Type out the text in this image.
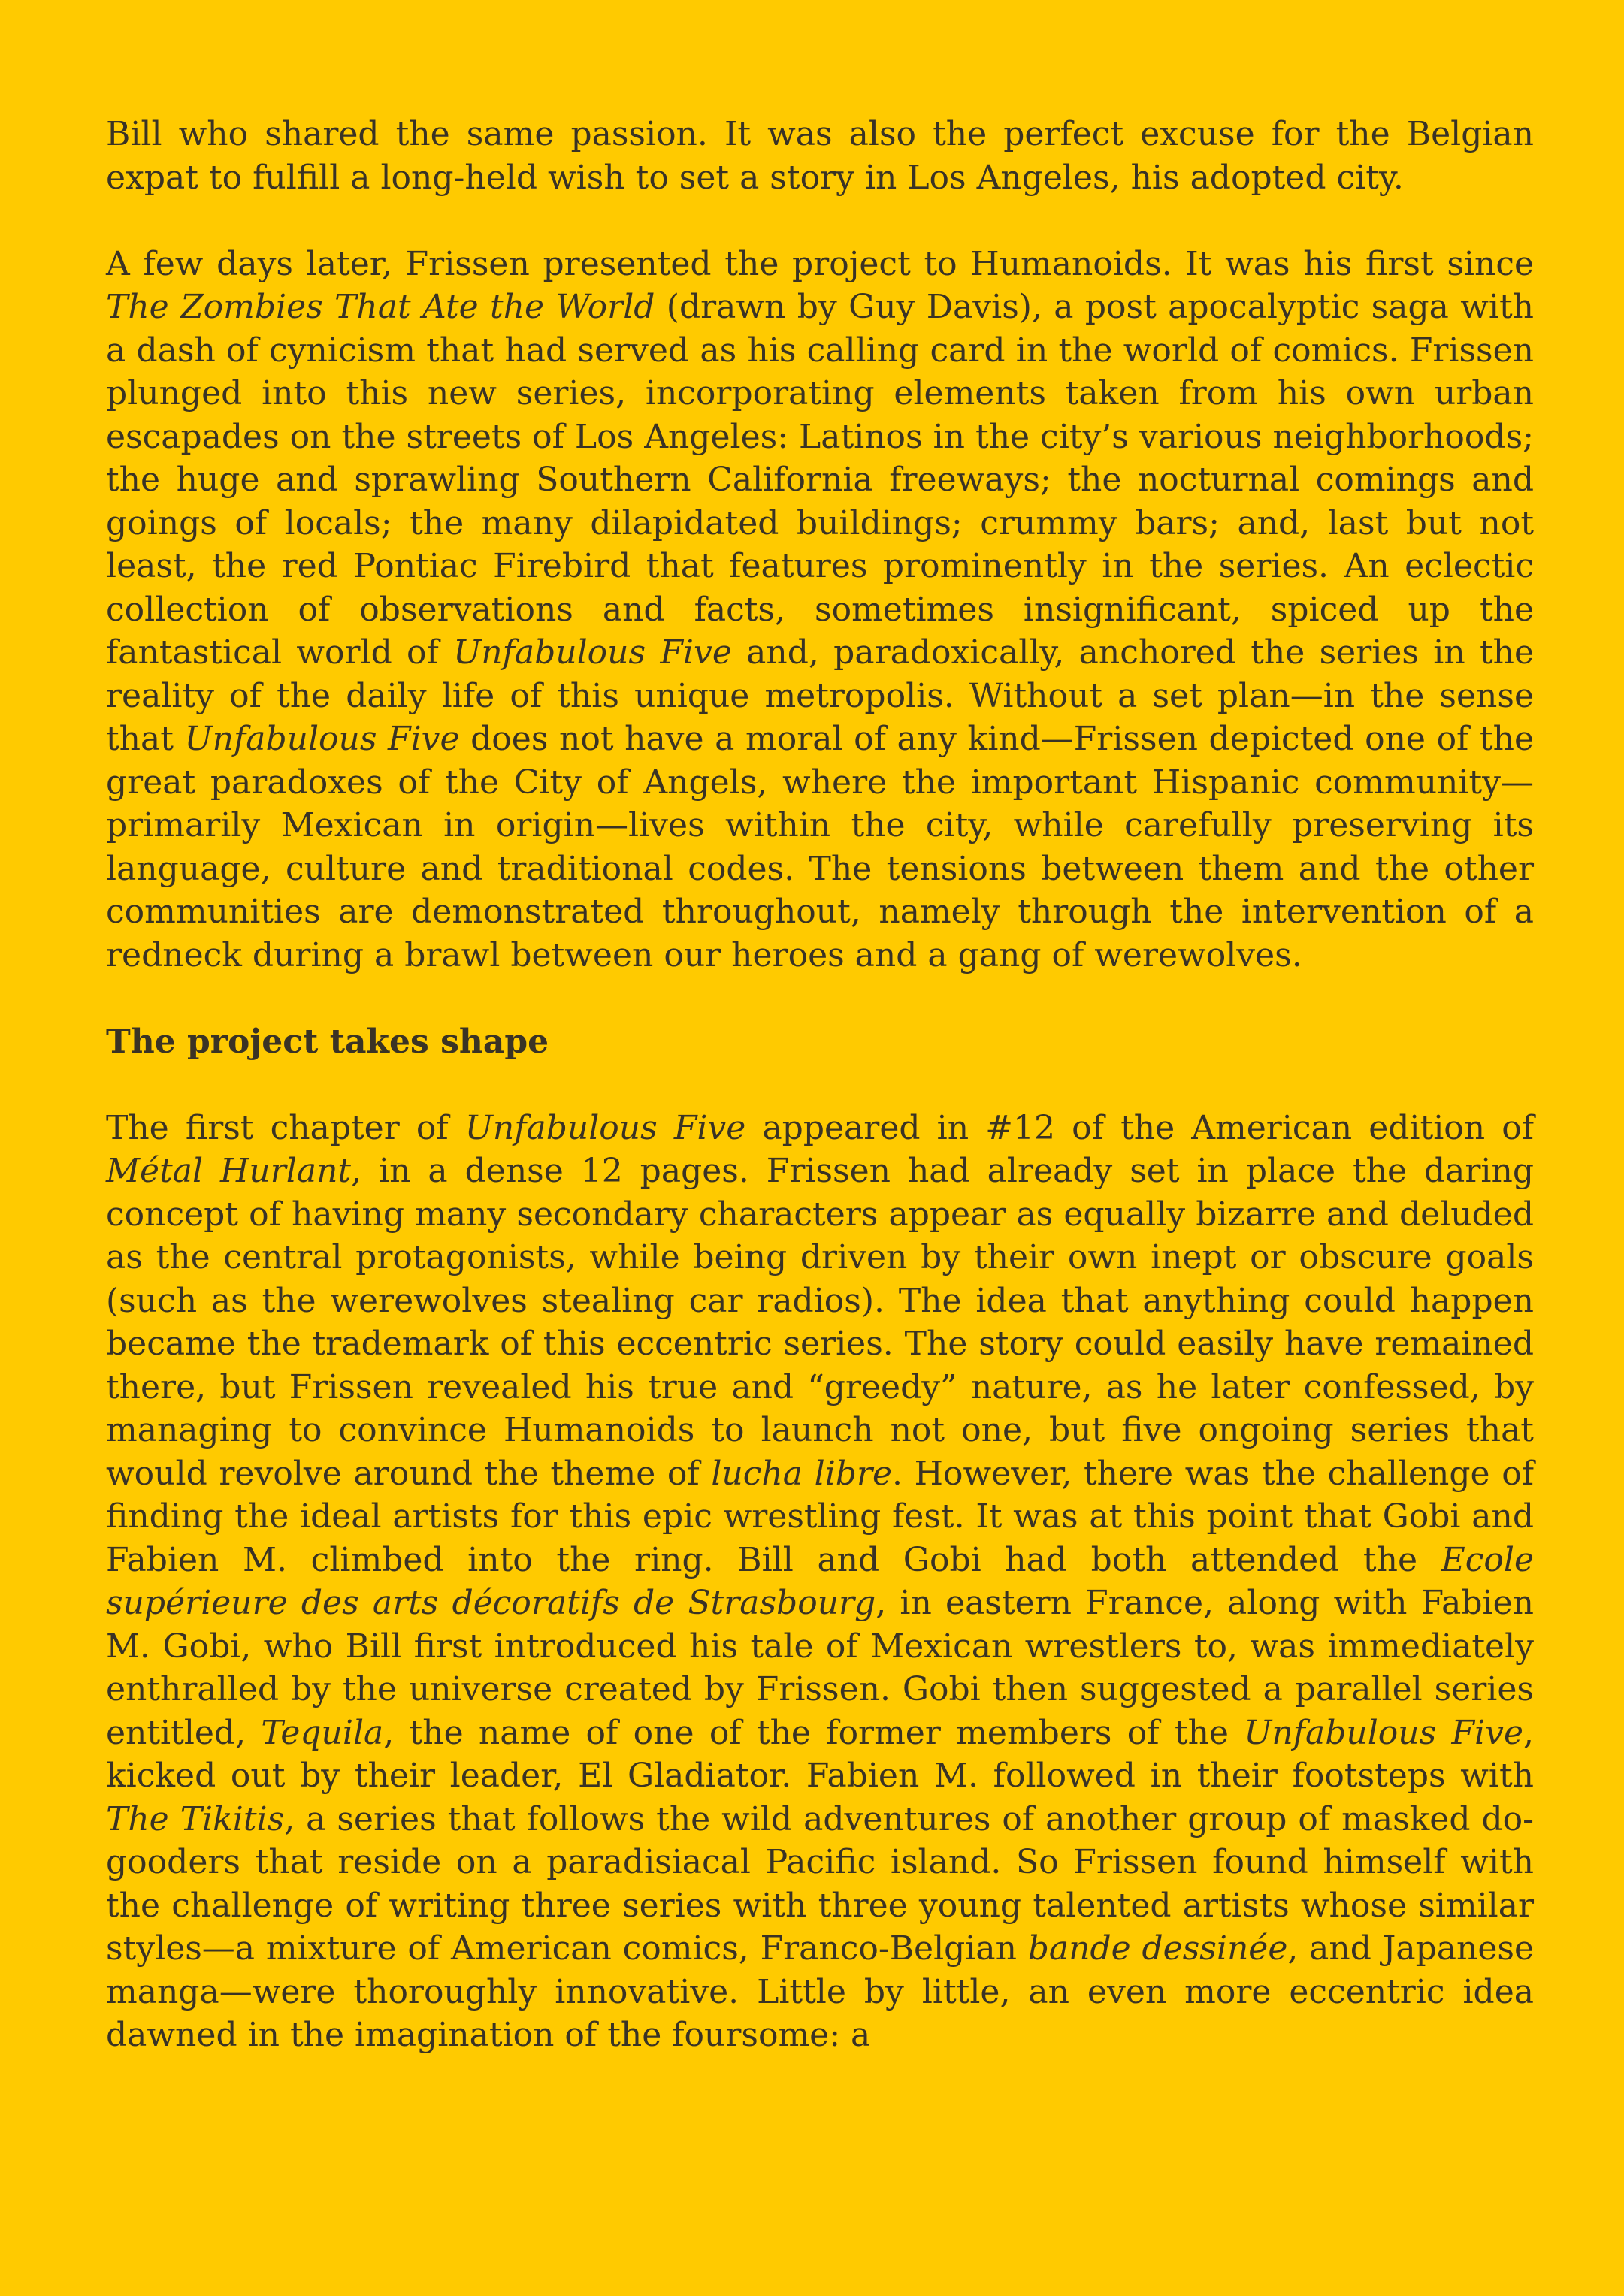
Bill who shared the same passion. It was also the perfect excuse for the Belgian expat to fulfill a long-held wish to set a story in Los Angeles, his adopted city.

A few days later, Frissen presented the project to Humanoids. It was his first since The Zombies That Ate the World (drawn by Guy Davis), a post apocalyptic saga with a dash of cynicism that had served as his calling card in the world of comics. Frissen plunged into this new series, incorporating elements taken from his own urban escapades on the streets of Los Angeles: Latinos in the city’s various neighborhoods; the huge and sprawling Southern California freeways; the nocturnal comings and goings of locals; the many dilapidated buildings; crummy bars; and, last but not least, the red Pontiac Firebird that features prominently in the series. An eclectic collection of observations and facts, sometimes insignificant, spiced up the fantastical world of Unfabulous Five and, paradoxically, anchored the series in the reality of the daily life of this unique metropolis. Without a set plan—in the sense that Unfabulous Five does not have a moral of any kind—Frissen depicted one of the great paradoxes of the City of Angels, where the important Hispanic community—primarily Mexican in origin—lives within the city, while carefully preserving its language, culture and traditional codes. The tensions between them and the other communities are demonstrated throughout, namely through the intervention of a redneck during a brawl between our heroes and a gang of werewolves.

The project takes shape

The first chapter of Unfabulous Five appeared in #12 of the American edition of Métal Hurlant, in a dense 12 pages. Frissen had already set in place the daring concept of having many secondary characters appear as equally bizarre and deluded as the central protagonists, while being driven by their own inept or obscure goals (such as the werewolves stealing car radios). The idea that anything could happen became the trademark of this eccentric series. The story could easily have remained there, but Frissen revealed his true and “greedy” nature, as he later confessed, by managing to convince Humanoids to launch not one, but five ongoing series that would revolve around the theme of lucha libre. However, there was the challenge of finding the ideal artists for this epic wrestling fest. It was at this point that Gobi and Fabien M. climbed into the ring. Bill and Gobi had both attended the Ecole supérieure des arts décoratifs de Strasbourg, in eastern France, along with Fabien M. Gobi, who Bill first introduced his tale of Mexican wrestlers to, was immediately enthralled by the universe created by Frissen. Gobi then suggested a parallel series entitled, Tequila, the name of one of the former members of the Unfabulous Five, kicked out by their leader, El Gladiator. Fabien M. followed in their footsteps with The Tikitis, a series that follows the wild adventures of another group of masked do-gooders that reside on a paradisiacal Pacific island. So Frissen found himself with the challenge of writing three series with three young talented artists whose similar styles—a mixture of American comics, Franco-Belgian bande dessinée, and Japanese manga—were thoroughly innovative. Little by little, an even more eccentric idea dawned in the imagination of the foursome: a
